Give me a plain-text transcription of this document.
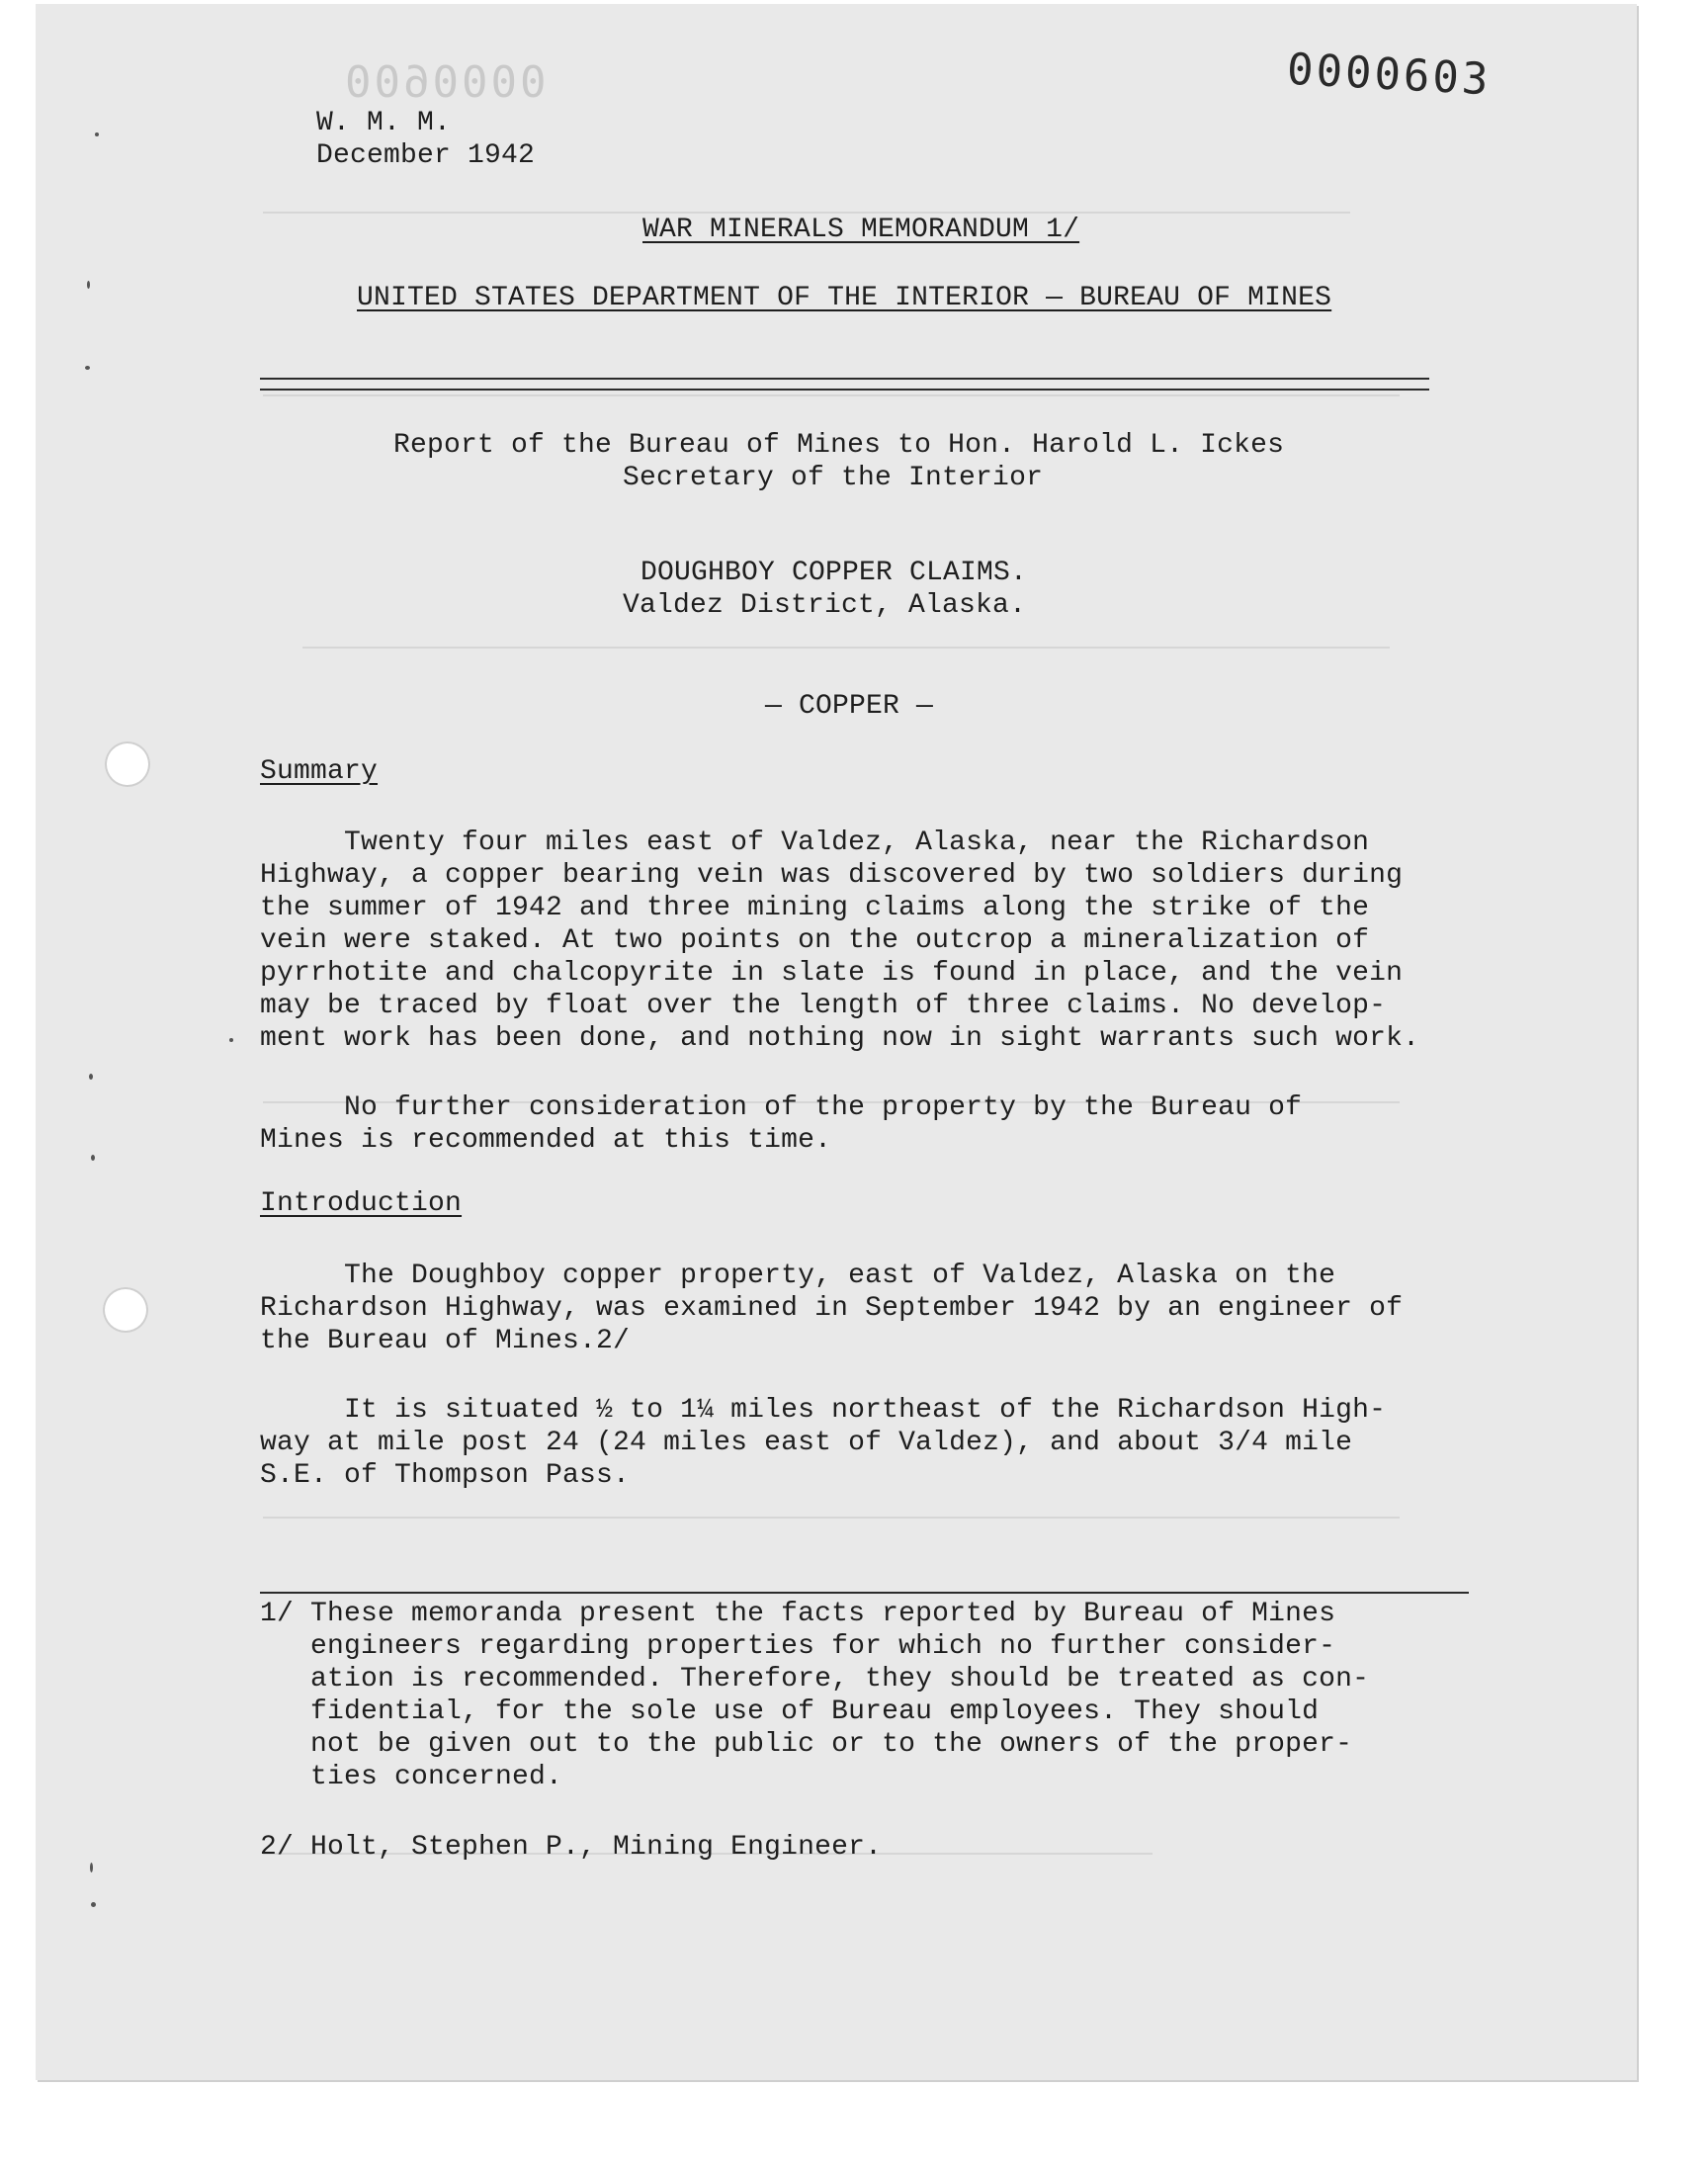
0000600	0000603
W. M. M.
December 1942
WAR MINERALS MEMORANDUM 1/
UNITED STATES DEPARTMENT OF THE INTERIOR — BUREAU OF MINES
Report of the Bureau of Mines to Hon. Harold L. Ickes
Secretary of the Interior
DOUGHBOY COPPER CLAIMS.
Valdez District, Alaska.
— COPPER —
Summary
Twenty four miles east of Valdez, Alaska, near the Richardson
Highway, a copper bearing vein was discovered by two soldiers during
the summer of 1942 and three mining claims along the strike of the
vein were staked. At two points on the outcrop a mineralization of
pyrrhotite and chalcopyrite in slate is found in place, and the vein
may be traced by float over the length of three claims. No develop-
ment work has been done, and nothing now in sight warrants such work.
No further consideration of the property by the Bureau of
Mines is recommended at this time.
Introduction
The Doughboy copper property, east of Valdez, Alaska on the
Richardson Highway, was examined in September 1942 by an engineer of
the Bureau of Mines.2/
It is situated ½ to 1¼ miles northeast of the Richardson High-
way at mile post 24 (24 miles east of Valdez), and about 3/4 mile
S.E. of Thompson Pass.
1/ These memoranda present the facts reported by Bureau of Mines
engineers regarding properties for which no further consider-
ation is recommended. Therefore, they should be treated as con-
fidential, for the sole use of Bureau employees. They should
not be given out to the public or to the owners of the proper-
ties concerned.
2/ Holt, Stephen P., Mining Engineer.
